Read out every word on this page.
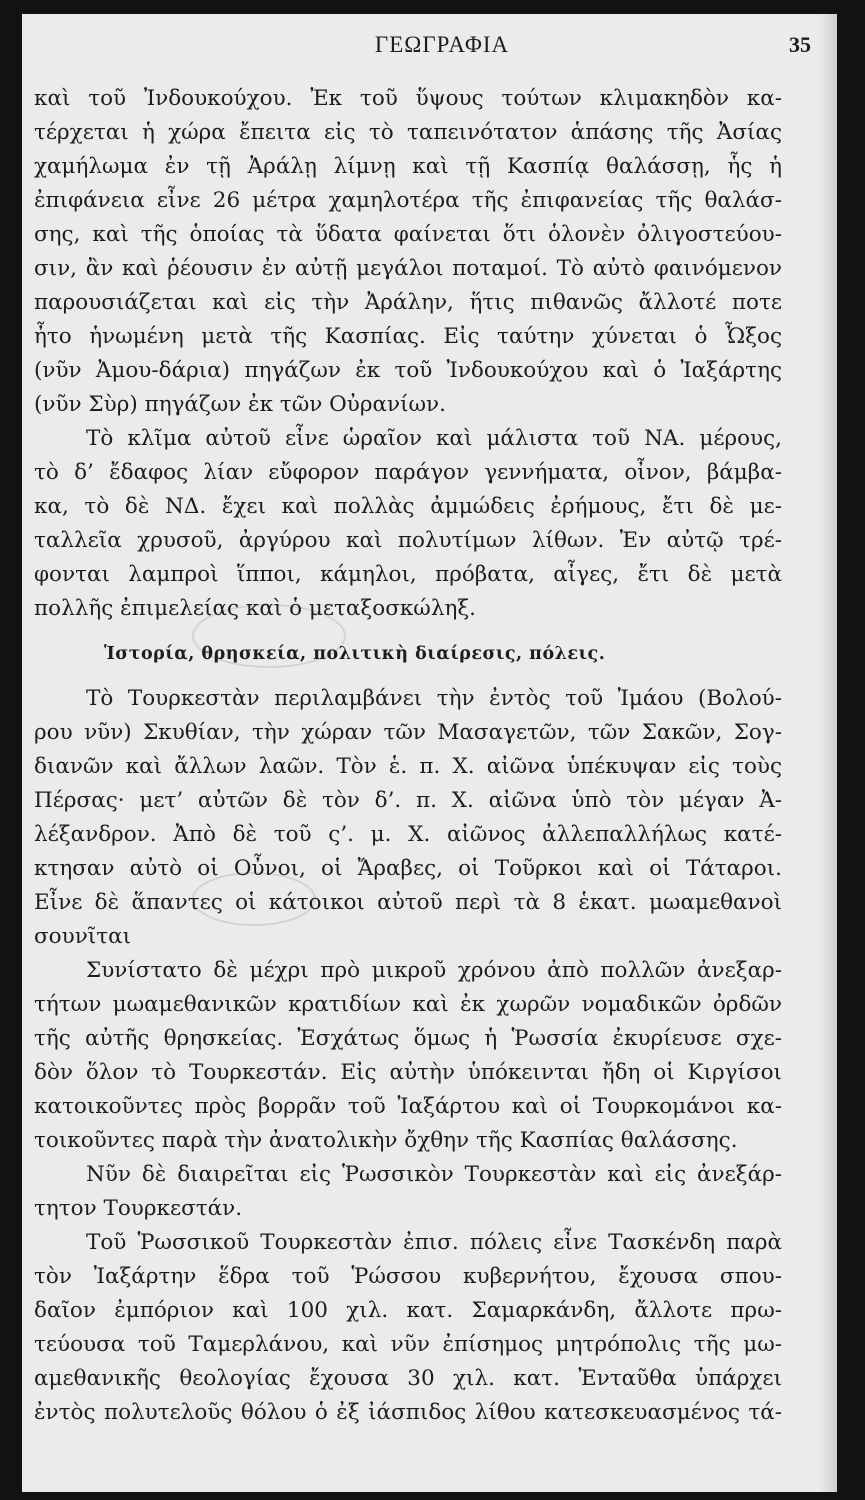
ΓΕΩΓΡΑΦΙΑ	35
καὶ τοῦ Ἰνδουκούχου. Ἐκ τοῦ ὕψους τούτων κλιμακηδὸν κα-
τέρχεται ἡ χώρα ἔπειτα εἰς τὸ ταπεινότατον ἁπάσης τῆς Ἀσίας
χαμήλωμα ἐν τῇ Ἀράλῃ λίμνῃ καὶ τῇ Κασπίᾳ θαλάσσῃ, ἧς ἡ
ἐπιφάνεια εἶνε 26 μέτρα χαμηλοτέρα τῆς ἐπιφανείας τῆς θαλάσ-
σης, καὶ τῆς ὁποίας τὰ ὕδατα φαίνεται ὅτι ὁλονὲν ὀλιγοστεύου-
σιν, ἂν καὶ ῥέουσιν ἐν αὐτῇ μεγάλοι ποταμοί. Τὸ αὐτὸ φαινόμενον
παρουσιάζεται καὶ εἰς τὴν Ἀράλην, ἥτις πιθανῶς ἄλλοτέ ποτε
ἦτο ἡνωμένη μετὰ τῆς Κασπίας. Εἰς ταύτην χύνεται ὁ Ὦξος
(νῦν Ἀμου-δάρια) πηγάζων ἐκ τοῦ Ἰνδουκούχου καὶ ὁ Ἰαξάρτης
(νῦν Σὺρ) πηγάζων ἐκ τῶν Οὐρανίων.
Τὸ κλῖμα αὐτοῦ εἶνε ὡραῖον καὶ μάλιστα τοῦ ΝΑ. μέρους,
τὸ δ’ ἔδαφος λίαν εὔφορον παράγον γεννήματα, οἶνον, βάμβα-
κα, τὸ δὲ ΝΔ. ἔχει καὶ πολλὰς ἀμμώδεις ἐρήμους, ἔτι δὲ με-
ταλλεῖα χρυσοῦ, ἀργύρου καὶ πολυτίμων λίθων. Ἐν αὐτῷ τρέ-
φονται λαμπροὶ ἵπποι, κάμηλοι, πρόβατα, αἶγες, ἔτι δὲ μετὰ
πολλῆς ἐπιμελείας καὶ ὁ μεταξοσκώληξ.
Ἱστορία, θρησκεία, πολιτικὴ διαίρεσις, πόλεις.
Τὸ Τουρκεστὰν περιλαμβάνει τὴν ἐντὸς τοῦ Ἰμάου (Βολού-
ρου νῦν) Σκυθίαν, τὴν χώραν τῶν Μασαγετῶν, τῶν Σακῶν, Σογ-
διανῶν καὶ ἄλλων λαῶν. Τὸν ἑ. π. Χ. αἰῶνα ὑπέκυψαν εἰς τοὺς
Πέρσας· μετ’ αὐτῶν δὲ τὸν δ’. π. Χ. αἰῶνα ὑπὸ τὸν μέγαν Ἀ-
λέξανδρον. Ἀπὸ δὲ τοῦ ς’. μ. Χ. αἰῶνος ἀλλεπαλλήλως κατέ-
κτησαν αὐτὸ οἱ Οὖνοι, οἱ Ἄραβες, οἱ Τοῦρκοι καὶ οἱ Τάταροι.
Εἶνε δὲ ἅπαντες οἱ κάτοικοι αὐτοῦ περὶ τὰ 8 ἑκατ. μωαμεθανοὶ
σουνῖται
Συνίστατο δὲ μέχρι πρὸ μικροῦ χρόνου ἀπὸ πολλῶν ἀνεξαρ-
τήτων μωαμεθανικῶν κρατιδίων καὶ ἐκ χωρῶν νομαδικῶν ὀρδῶν
τῆς αὐτῆς θρησκείας. Ἐσχάτως ὅμως ἡ Ῥωσσία ἐκυρίευσε σχε-
δὸν ὅλον τὸ Τουρκεστάν. Εἰς αὐτὴν ὑπόκεινται ἤδη οἱ Κιργίσοι
κατοικοῦντες πρὸς βορρᾶν τοῦ Ἰαξάρτου καὶ οἱ Τουρκομάνοι κα-
τοικοῦντες παρὰ τὴν ἀνατολικὴν ὄχθην τῆς Κασπίας θαλάσσης.
Νῦν δὲ διαιρεῖται εἰς Ῥωσσικὸν Τουρκεστὰν καὶ εἰς ἀνεξάρ-
τητον Τουρκεστάν.
Τοῦ Ῥωσσικοῦ Τουρκεστὰν ἐπισ. πόλεις εἶνε Τασκένδη παρὰ
τὸν Ἰαξάρτην ἕδρα τοῦ Ῥώσσου κυβερνήτου, ἔχουσα σπου-
δαῖον ἐμπόριον καὶ 100 χιλ. κατ. Σαμαρκάνδη, ἄλλοτε πρω-
τεύουσα τοῦ Ταμερλάνου, καὶ νῦν ἐπίσημος μητρόπολις τῆς μω-
αμεθανικῆς θεολογίας ἔχουσα 30 χιλ. κατ. Ἐνταῦθα ὑπάρχει
ἐντὸς πολυτελοῦς θόλου ὁ ἐξ ἰάσπιδος λίθου κατεσκευασμένος τά-
